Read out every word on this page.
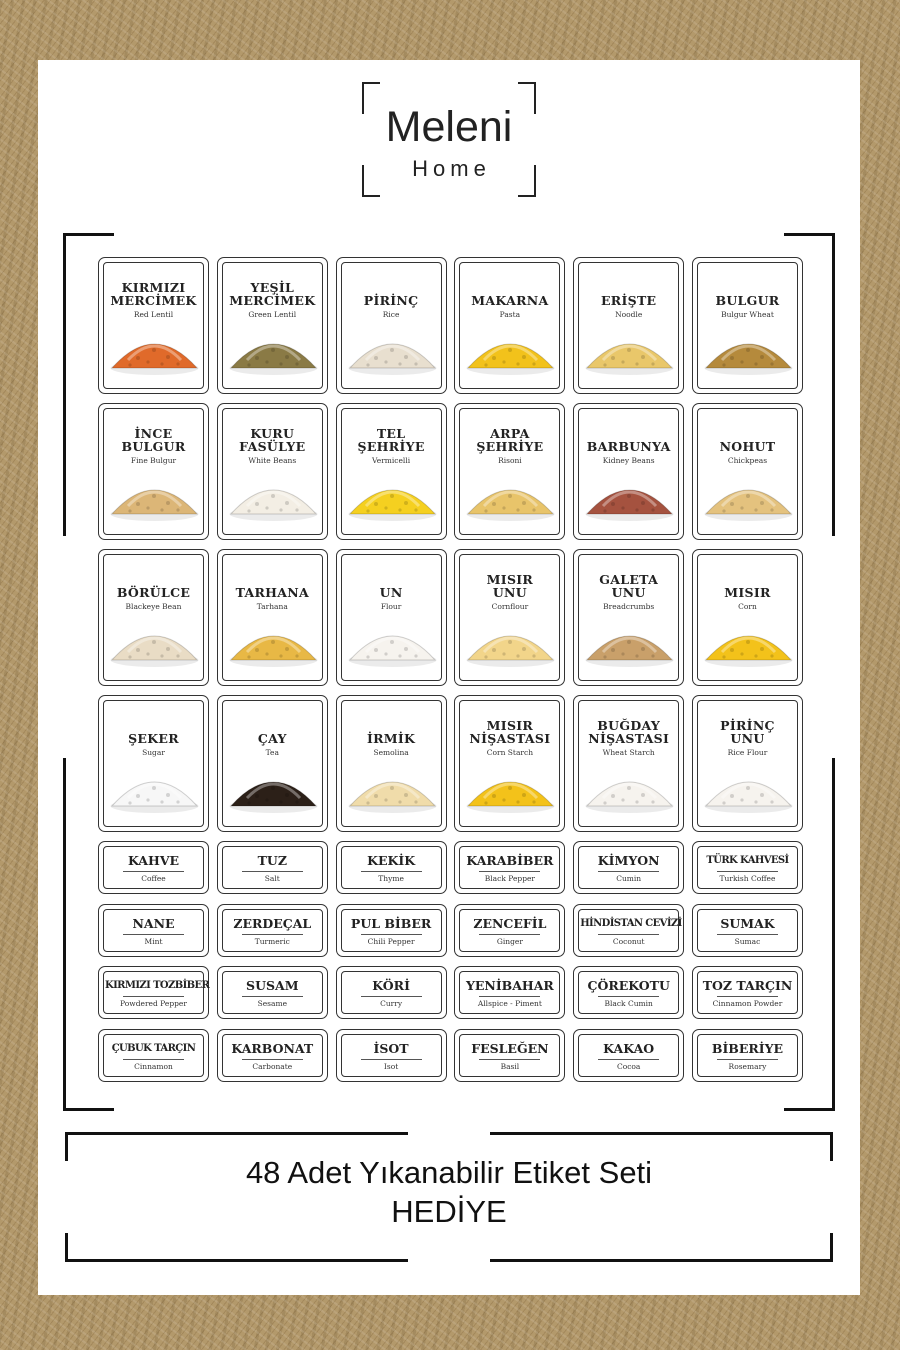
Meleni
Home
KIRMIZI
MERCİMEK
Red Lentil
YEŞİL
MERCİMEK
Green Lentil
PİRİNÇ
Rice
MAKARNA
Pasta
ERİŞTE
Noodle
BULGUR
Bulgur Wheat
İNCE
BULGUR
Fine Bulgur
KURU
FASÜLYE
White Beans
TEL
ŞEHRİYE
Vermicelli
ARPA
ŞEHRİYE
Risoni
BARBUNYA
Kidney Beans
NOHUT
Chickpeas
BÖRÜLCE
Blackeye Bean
TARHANA
Tarhana
UN
Flour
MISIR
UNU
Cornflour
GALETA
UNU
Breadcrumbs
MISIR
Corn
ŞEKER
Sugar
ÇAY
Tea
İRMİK
Semolina
MISIR
NİŞASTASI
Corn Starch
BUĞDAY
NİŞASTASI
Wheat Starch
PİRİNÇ
UNU
Rice Flour
KAHVE
Coffee
TUZ
Salt
KEKİK
Thyme
KARABİBER
Black Pepper
KİMYON
Cumin
TÜRK KAHVESİ
Turkish Coffee
NANE
Mint
ZERDEÇAL
Turmeric
PUL BİBER
Chili Pepper
ZENCEFİL
Ginger
HİNDİSTAN CEVİZİ
Coconut
SUMAK
Sumac
KIRMIZI TOZBİBER
Powdered Pepper
SUSAM
Sesame
KÖRİ
Curry
YENİBAHAR
Allspice - Piment
ÇÖREKOTU
Black Cumin
TOZ TARÇIN
Cinnamon Powder
ÇUBUK TARÇIN
Cinnamon
KARBONAT
Carbonate
İSOT
Isot
FESLEĞEN
Basil
KAKAO
Cocoa
BİBERİYE
Rosemary
48 Adet Yıkanabilir Etiket Seti
HEDİYE
